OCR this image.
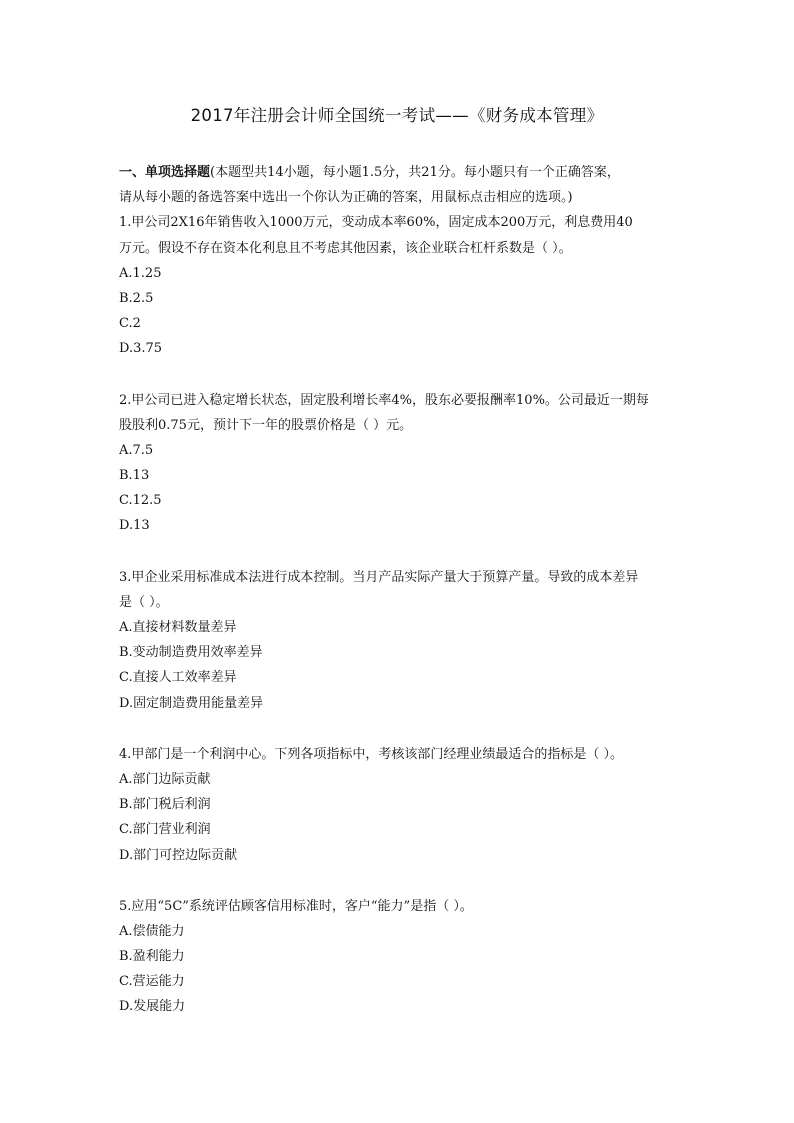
2017年注册会计师全国统一考试——《财务成本管理》
一、单项选择题(本题型共14小题，每小题1.5分，共21分。每小题只有一个正确答案，
请从每小题的备选答案中选出一个你认为正确的答案，用鼠标点击相应的选项。)
1.甲公司2X16年销售收入1000万元，变动成本率60%，固定成本200万元，利息费用40
万元。假设不存在资本化利息且不考虑其他因素，该企业联合杠杆系数是（ ）。
A.1.25
B.2.5
C.2
D.3.75
2.甲公司已进入稳定增长状态，固定股利增长率4%，股东必要报酬率10%。公司最近一期每
股股利0.75元，预计下一年的股票价格是（ ）元。
A.7.5
B.13
C.12.5
D.13
3.甲企业采用标准成本法进行成本控制。当月产品实际产量大于预算产量。导致的成本差异
是（ ）。
A.直接材料数量差异
B.变动制造费用效率差异
C.直接人工效率差异
D.固定制造费用能量差异
4.甲部门是一个利润中心。下列各项指标中，考核该部门经理业绩最适合的指标是（ ）。
A.部门边际贡献
B.部门税后利润
C.部门营业利润
D.部门可控边际贡献
5.应用“5C”系统评估顾客信用标准时，客户“能力”是指（ ）。
A.偿债能力
B.盈利能力
C.营运能力
D.发展能力
